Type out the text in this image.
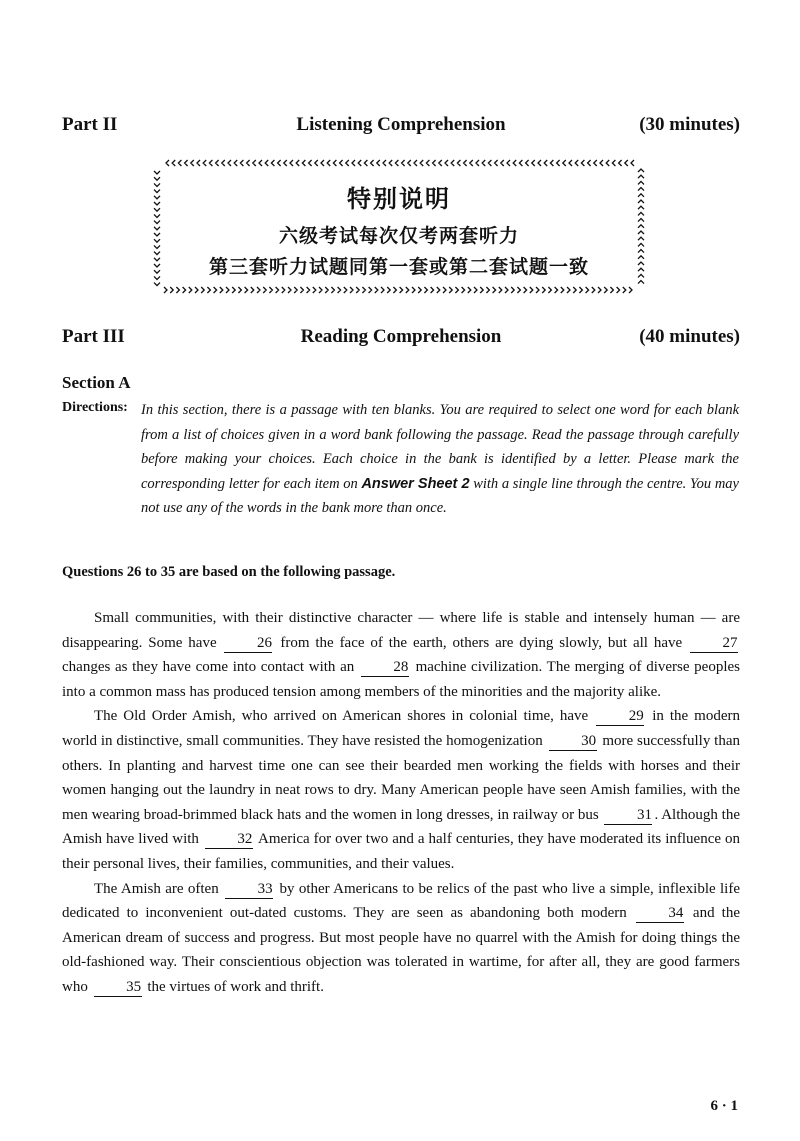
Part II	Listening Comprehension	(30 minutes)
特别说明
六级考试每次仅考两套听力
第三套听力试题同第一套或第二套试题一致
Part III	Reading Comprehension	(40 minutes)
Section A
Directions: In this section, there is a passage with ten blanks. You are required to select one word for each blank from a list of choices given in a word bank following the passage. Read the passage through carefully before making your choices. Each choice in the bank is identified by a letter. Please mark the corresponding letter for each item on Answer Sheet 2 with a single line through the centre. You may not use any of the words in the bank more than once.
Questions 26 to 35 are based on the following passage.

Small communities, with their distinctive character — where life is stable and intensely human — are disappearing. Some have 26 from the face of the earth, others are dying slowly, but all have 27 changes as they have come into contact with an 28 machine civilization. The merging of diverse peoples into a common mass has produced tension among members of the minorities and the majority alike.

The Old Order Amish, who arrived on American shores in colonial time, have 29 in the modern world in distinctive, small communities. They have resisted the homogenization 30 more successfully than others. In planting and harvest time one can see their bearded men working the fields with horses and their women hanging out the laundry in neat rows to dry. Many American people have seen Amish families, with the men wearing broad-brimmed black hats and the women in long dresses, in railway or bus 31 . Although the Amish have lived with 32 America for over two and a half centuries, they have moderated its influence on their personal lives, their families, communities, and their values.

The Amish are often 33 by other Americans to be relics of the past who live a simple, inflexible life dedicated to inconvenient out-dated customs. They are seen as abandoning both modern 34 and the American dream of success and progress. But most people have no quarrel with the Amish for doing things the old-fashioned way. Their conscientious objection was tolerated in wartime, for after all, they are good farmers who 35 the virtues of work and thrift.

6 · 1
